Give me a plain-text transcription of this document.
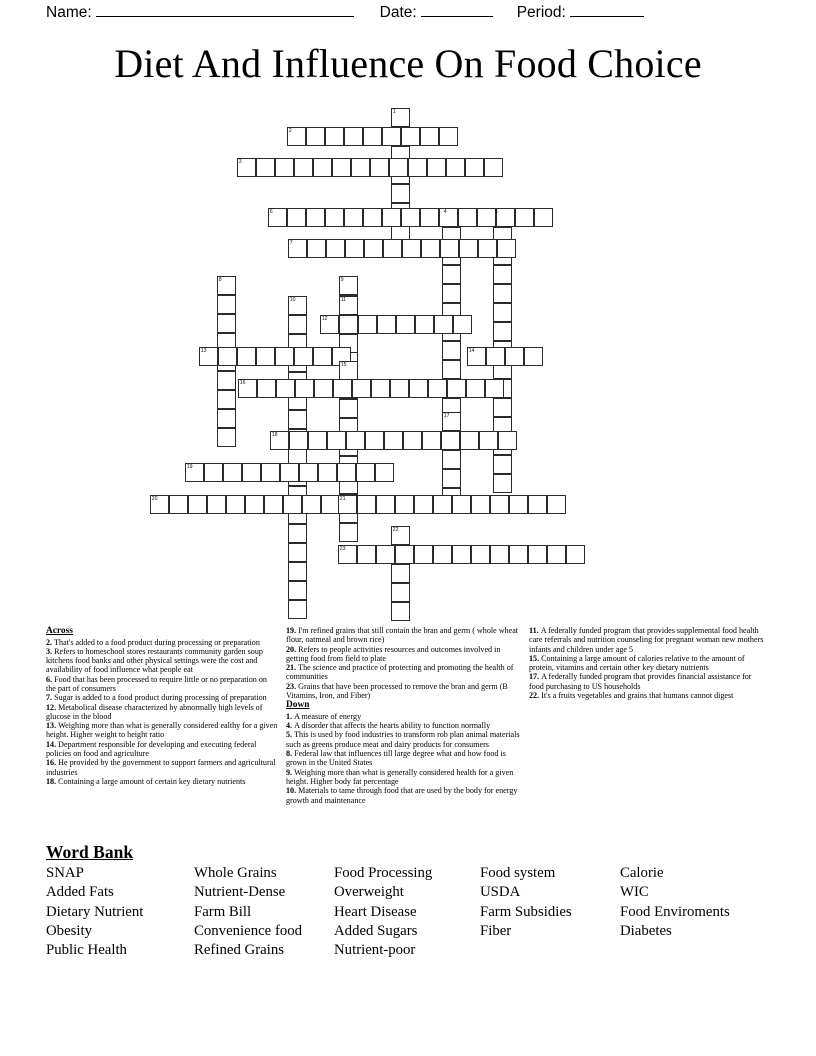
Name:	Date:	Period:
Diet And Influence On Food Choice
1
2
3
4	5
6
7
8	9
10	11
12
13	14
15
16
17
18
19
20	21
22
23
Across
2. That's added to a food product during processing or preparation
3. Refers to homeschool stores restaurants community garden soup kitchens food banks and other physical settings were the cost and availability of food influence what people eat
6. Food that has been processed to require little or no preparation on the part of consumers
7. Sugar is added to a food product during processing of preparation
12. Metabolical disease characterized by abnormally high levels of glucose in the blood
13. Weighing more than what is generally considered ealthy for a given height. Higher weight to height ratio
14. Department responsible for developing and executing federal policies on food and agriculture
16. He provided by the government to support farmers and agricultural industries
18. Containing a large amount of certain key dietary nutrients
19. I'm refined grains that still contain the bran and germ ( whole wheat flour, oatmeal and brown rice)
20. Refers to people activities resources and outcomes involved in getting food from field to plate
21. The science and practice of protecting and promoting the health of communities
23. Grains that have been processed to remove the bran and germ (B Vitamins, Iron, and Fiber)
Down
1. A measure of energy
4. A disorder that affects the hearts ability to function normally
5. This is used by food industries to transform rob plan animal materials such as greens produce meat and dairy products for consumers
8. Federal law that influences till large degree what and how food is grown in the United States
9. Weighing more than what is generally considered health for a given height. Higher body fat percentage
10. Materials to tame through food that are used by the body for energy growth and maintenance
11. A federally funded program that provides supplemental food health care referrals and nutrition counseling for pregnant woman new mothers infants and children under age 5
15. Containing a large amount of calories relative to the amount of protein, vitamins and certain other key dietary nutrients
17. A federally funded program that provides financial assistance for food purchasing to US households
22. It's a fruits vegetables and grains that humans cannot digest
Word Bank
SNAP	Whole Grains	Food Processing	Food system	Calorie
Added Fats	Nutrient-Dense	Overweight	USDA	WIC
Dietary Nutrient	Farm Bill	Heart Disease	Farm Subsidies	Food Enviroments
Obesity	Convenience food	Added Sugars	Fiber	Diabetes
Public Health	Refined Grains	Nutrient-poor
